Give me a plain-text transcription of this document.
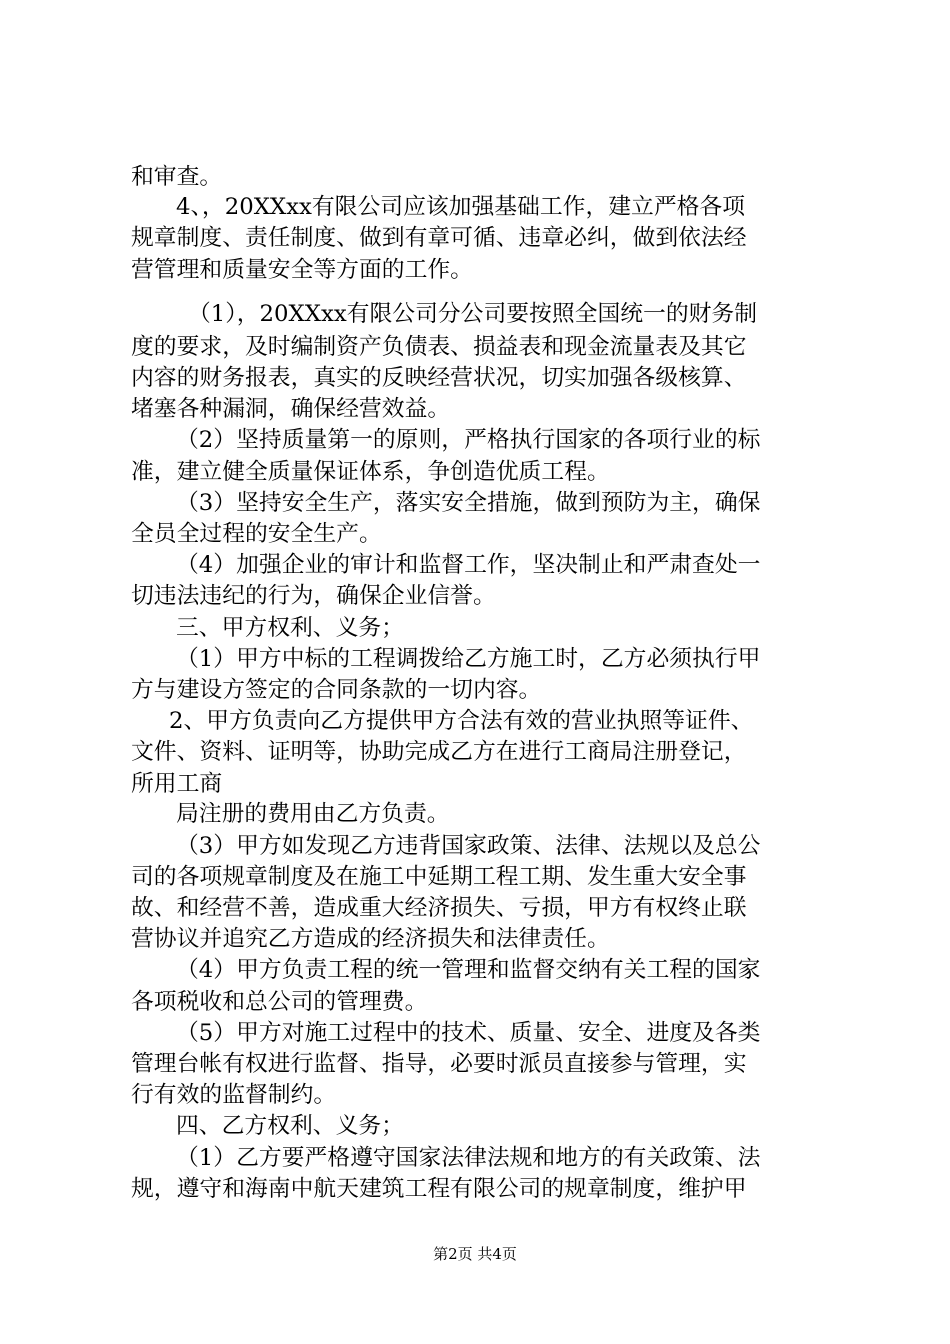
和审查。
4、，20XXxx有限公司应该加强基础工作，建立严格各项
规章制度、责任制度、做到有章可循、违章必纠，做到依法经
营管理和质量安全等方面的工作。
（1），20XXxx有限公司分公司要按照全国统一的财务制
度的要求，及时编制资产负债表、损益表和现金流量表及其它
内容的财务报表，真实的反映经营状况，切实加强各级核算、
堵塞各种漏洞，确保经营效益。
（2）坚持质量第一的原则，严格执行国家的各项行业的标
准，建立健全质量保证体系，争创造优质工程。
（3）坚持安全生产，落实安全措施，做到预防为主，确保
全员全过程的安全生产。
（4）加强企业的审计和监督工作，坚决制止和严肃查处一
切违法违纪的行为，确保企业信誉。
三、甲方权利、义务；
（1）甲方中标的工程调拨给乙方施工时，乙方必须执行甲
方与建设方签定的合同条款的一切内容。
2、甲方负责向乙方提供甲方合法有效的营业执照等证件、
文件、资料、证明等，协助完成乙方在进行工商局注册登记，
所用工商
局注册的费用由乙方负责。
（3）甲方如发现乙方违背国家政策、法律、法规以及总公
司的各项规章制度及在施工中延期工程工期、发生重大安全事
故、和经营不善，造成重大经济损失、亏损，甲方有权终止联
营协议并追究乙方造成的经济损失和法律责任。
（4）甲方负责工程的统一管理和监督交纳有关工程的国家
各项税收和总公司的管理费。
（5）甲方对施工过程中的技术、质量、安全、进度及各类
管理台帐有权进行监督、指导，必要时派员直接参与管理，实
行有效的监督制约。
四、乙方权利、义务；
（1）乙方要严格遵守国家法律法规和地方的有关政策、法
规，遵守和海南中航天建筑工程有限公司的规章制度，维护甲
第2页 共4页
